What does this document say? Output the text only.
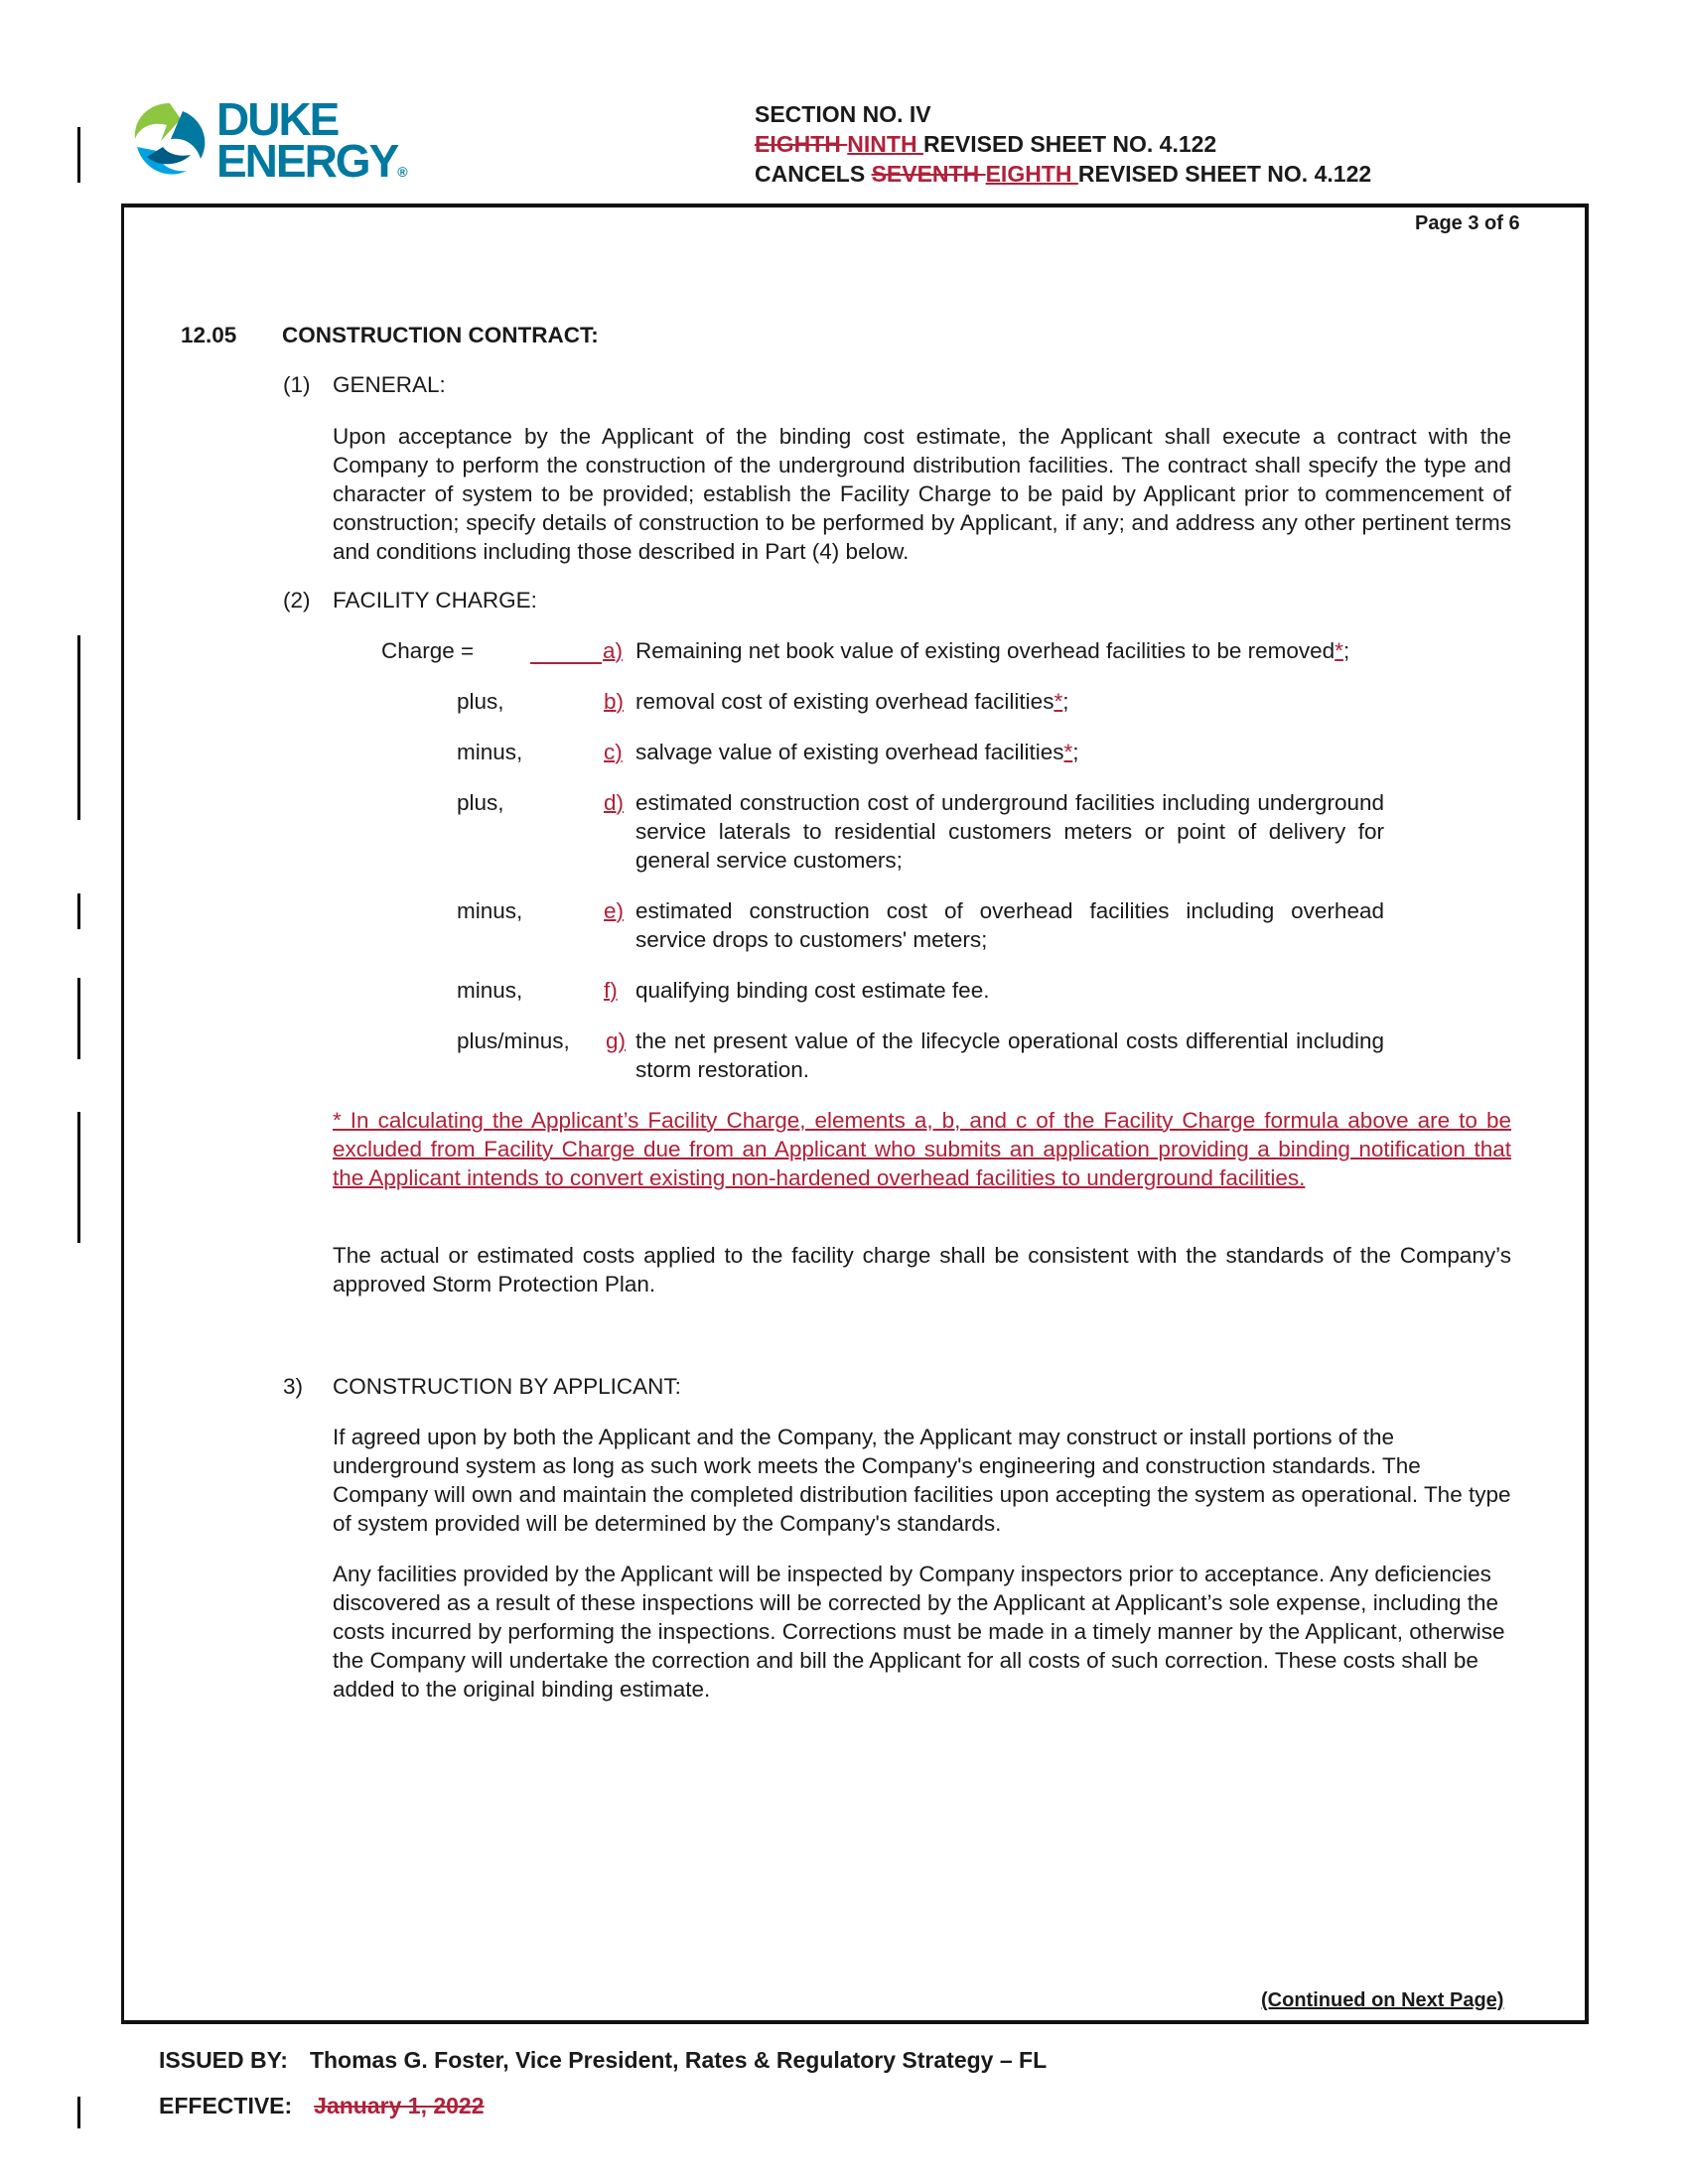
DUKE
ENERGY®
SECTION NO. IV
EIGHTH NINTH REVISED SHEET NO. 4.122
CANCELS SEVENTH EIGHTH REVISED SHEET NO. 4.122
Page 3 of 6
12.05 CONSTRUCTION CONTRACT:
(1) GENERAL:
Upon acceptance by the Applicant of the binding cost estimate, the Applicant shall execute a contract with the Company to perform the construction of the underground distribution facilities. The contract shall specify the type and character of system to be provided; establish the Facility Charge to be paid by Applicant prior to commencement of construction; specify details of construction to be performed by Applicant, if any; and address any other pertinent terms and conditions including those described in Part (4) below.
(2) FACILITY CHARGE:
Charge =	a) Remaining net book value of existing overhead facilities to be removed*;
plus,	b) removal cost of existing overhead facilities*;
minus,	c) salvage value of existing overhead facilities*;
plus,	d) estimated construction cost of underground facilities including underground service laterals to residential customers meters or point of delivery for general service customers;
minus,	e) estimated construction cost of overhead facilities including overhead service drops to customers' meters;
minus,	f) qualifying binding cost estimate fee.
plus/minus, g) the net present value of the lifecycle operational costs differential including storm restoration.
* In calculating the Applicant’s Facility Charge, elements a, b, and c of the Facility Charge formula above are to be excluded from Facility Charge due from an Applicant who submits an application providing a binding notification that the Applicant intends to convert existing non-hardened overhead facilities to underground facilities.
The actual or estimated costs applied to the facility charge shall be consistent with the standards of the Company’s approved Storm Protection Plan.
3) CONSTRUCTION BY APPLICANT:
If agreed upon by both the Applicant and the Company, the Applicant may construct or install portions of the underground system as long as such work meets the Company's engineering and construction standards. The Company will own and maintain the completed distribution facilities upon accepting the system as operational. The type of system provided will be determined by the Company's standards.
Any facilities provided by the Applicant will be inspected by Company inspectors prior to acceptance. Any deficiencies discovered as a result of these inspections will be corrected by the Applicant at Applicant’s sole expense, including the costs incurred by performing the inspections. Corrections must be made in a timely manner by the Applicant, otherwise the Company will undertake the correction and bill the Applicant for all costs of such correction. These costs shall be added to the original binding estimate.
(Continued on Next Page)
ISSUED BY: Thomas G. Foster, Vice President, Rates & Regulatory Strategy – FL
EFFECTIVE: January 1, 2022
